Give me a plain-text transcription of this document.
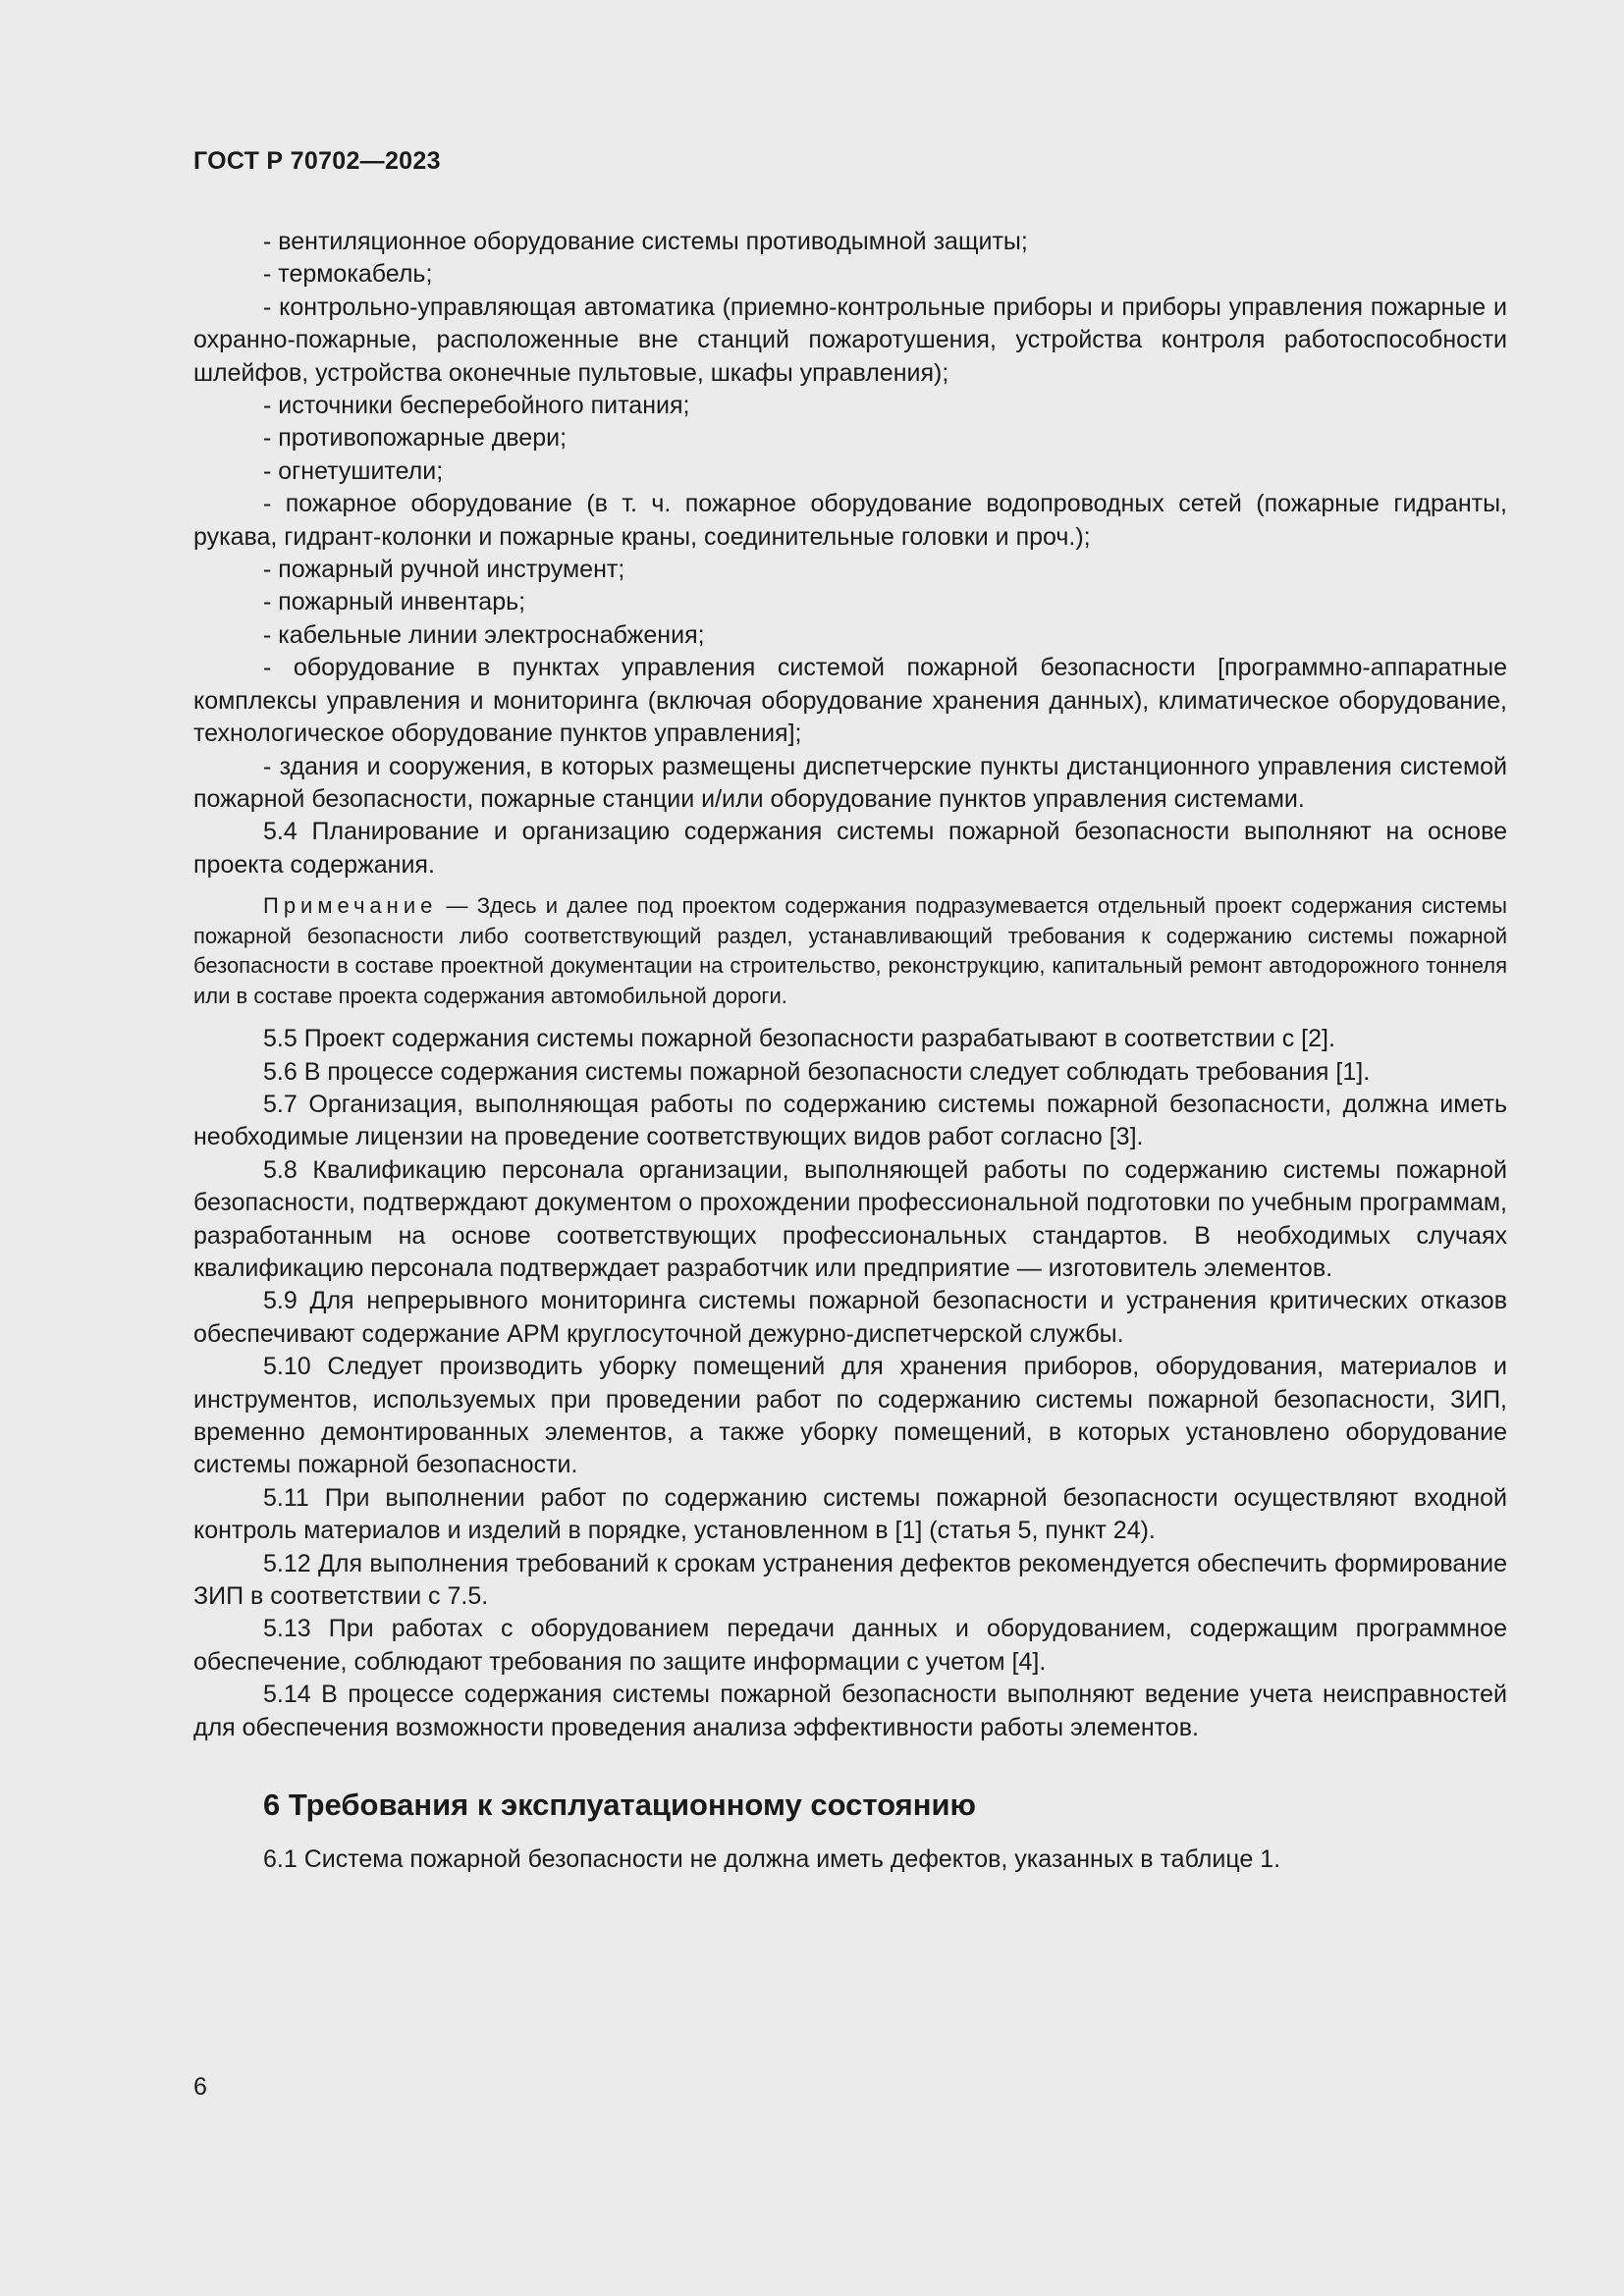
ГОСТ Р 70702—2023

- вентиляционное оборудование системы противодымной защиты;

- термокабель;

- контрольно-управляющая автоматика (приемно-контрольные приборы и приборы управления пожарные и охранно-пожарные, расположенные вне станций пожаротушения, устройства контроля работоспособности шлейфов, устройства оконечные пультовые, шкафы управления);

- источники бесперебойного питания;

- противопожарные двери;

- огнетушители;

- пожарное оборудование (в т. ч. пожарное оборудование водопроводных сетей (пожарные гидранты, рукава, гидрант-колонки и пожарные краны, соединительные головки и проч.);

- пожарный ручной инструмент;

- пожарный инвентарь;

- кабельные линии электроснабжения;

- оборудование в пунктах управления системой пожарной безопасности [программно-аппаратные комплексы управления и мониторинга (включая оборудование хранения данных), климатическое оборудование, технологическое оборудование пунктов управления];

- здания и сооружения, в которых размещены диспетчерские пункты дистанционного управления системой пожарной безопасности, пожарные станции и/или оборудование пунктов управления системами.

5.4 Планирование и организацию содержания системы пожарной безопасности выполняют на основе проекта содержания.

Примечание — Здесь и далее под проектом содержания подразумевается отдельный проект содержания системы пожарной безопасности либо соответствующий раздел, устанавливающий требования к содержанию системы пожарной безопасности в составе проектной документации на строительство, реконструкцию, капитальный ремонт автодорожного тоннеля или в составе проекта содержания автомобильной дороги.

5.5 Проект содержания системы пожарной безопасности разрабатывают в соответствии с [2].

5.6 В процессе содержания системы пожарной безопасности следует соблюдать требования [1].

5.7 Организация, выполняющая работы по содержанию системы пожарной безопасности, должна иметь необходимые лицензии на проведение соответствующих видов работ согласно [3].

5.8 Квалификацию персонала организации, выполняющей работы по содержанию системы пожарной безопасности, подтверждают документом о прохождении профессиональной подготовки по учебным программам, разработанным на основе соответствующих профессиональных стандартов. В необходимых случаях квалификацию персонала подтверждает разработчик или предприятие — изготовитель элементов.

5.9 Для непрерывного мониторинга системы пожарной безопасности и устранения критических отказов обеспечивают содержание АРМ круглосуточной дежурно-диспетчерской службы.

5.10 Следует производить уборку помещений для хранения приборов, оборудования, материалов и инструментов, используемых при проведении работ по содержанию системы пожарной безопасности, ЗИП, временно демонтированных элементов, а также уборку помещений, в которых установлено оборудование системы пожарной безопасности.

5.11 При выполнении работ по содержанию системы пожарной безопасности осуществляют входной контроль материалов и изделий в порядке, установленном в [1] (статья 5, пункт 24).

5.12 Для выполнения требований к срокам устранения дефектов рекомендуется обеспечить формирование ЗИП в соответствии с 7.5.

5.13 При работах с оборудованием передачи данных и оборудованием, содержащим программное обеспечение, соблюдают требования по защите информации с учетом [4].

5.14 В процессе содержания системы пожарной безопасности выполняют ведение учета неисправностей для обеспечения возможности проведения анализа эффективности работы элементов.

6 Требования к эксплуатационному состоянию

6.1 Система пожарной безопасности не должна иметь дефектов, указанных в таблице 1.

6
